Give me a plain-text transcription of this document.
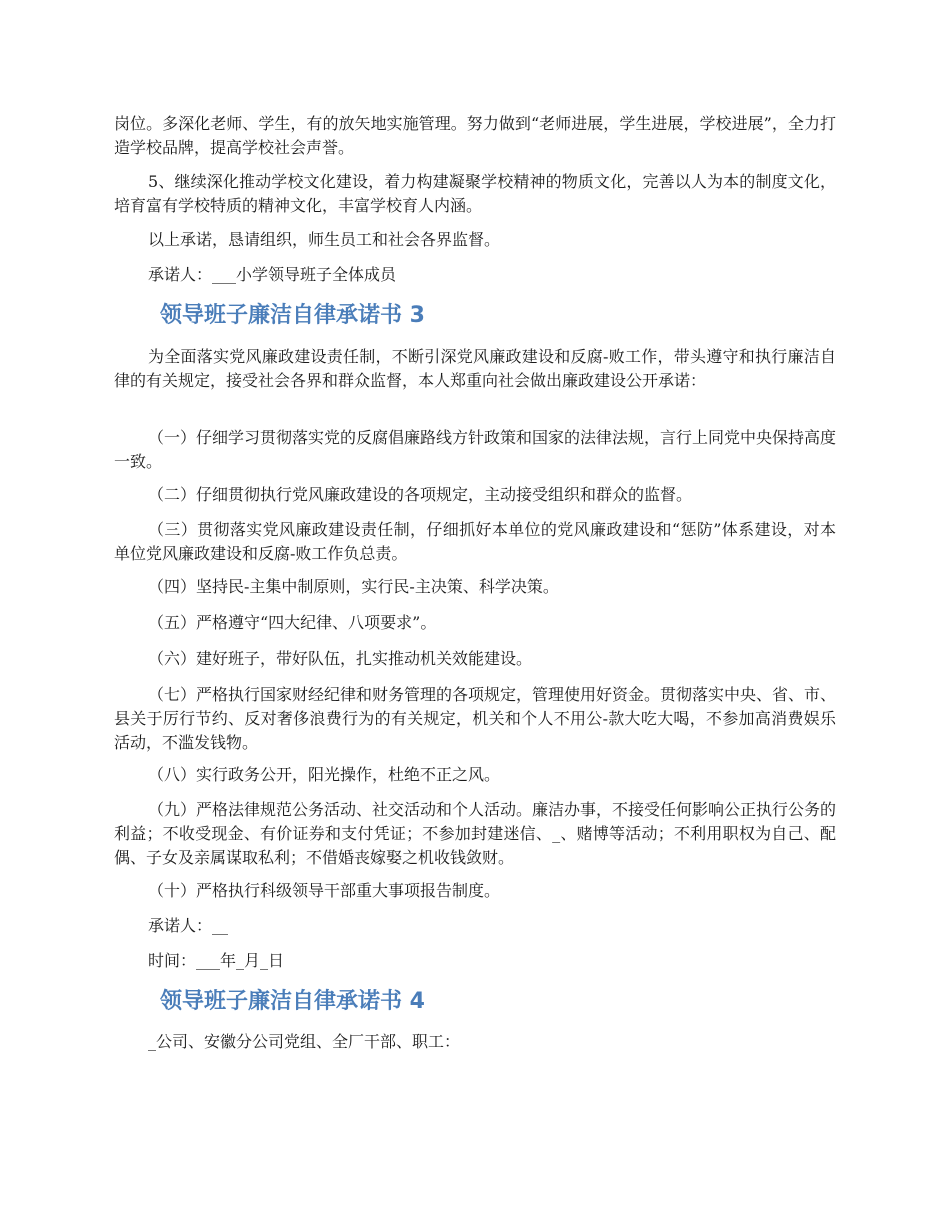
岗位。多深化老师、学生，有的放矢地实施管理。努力做到“老师进展，学生进展，学校进展”，全力打造学校品牌，提高学校社会声誉。

5、继续深化推动学校文化建设，着力构建凝聚学校精神的物质文化，完善以人为本的制度文化，培育富有学校特质的精神文化，丰富学校育人内涵。

以上承诺，恳请组织，师生员工和社会各界监督。

承诺人：___小学领导班子全体成员

领导班子廉洁自律承诺书 3

为全面落实党风廉政建设责任制，不断引深党风廉政建设和反腐-败工作，带头遵守和执行廉洁自律的有关规定，接受社会各界和群众监督，本人郑重向社会做出廉政建设公开承诺：

（一）仔细学习贯彻落实党的反腐倡廉路线方针政策和国家的法律法规，言行上同党中央保持高度一致。

（二）仔细贯彻执行党风廉政建设的各项规定，主动接受组织和群众的监督。

（三）贯彻落实党风廉政建设责任制，仔细抓好本单位的党风廉政建设和“惩防”体系建设，对本单位党风廉政建设和反腐-败工作负总责。

（四）坚持民-主集中制原则，实行民-主决策、科学决策。

（五）严格遵守“四大纪律、八项要求”。

（六）建好班子，带好队伍，扎实推动机关效能建设。

（七）严格执行国家财经纪律和财务管理的各项规定，管理使用好资金。贯彻落实中央、省、市、县关于厉行节约、反对奢侈浪费行为的有关规定，机关和个人不用公-款大吃大喝，不参加高消费娱乐活动，不滥发钱物。

（八）实行政务公开，阳光操作，杜绝不正之风。

（九）严格法律规范公务活动、社交活动和个人活动。廉洁办事，不接受任何影响公正执行公务的利益；不收受现金、有价证券和支付凭证；不参加封建迷信、_、赌博等活动；不利用职权为自己、配偶、子女及亲属谋取私利；不借婚丧嫁娶之机收钱敛财。

（十）严格执行科级领导干部重大事项报告制度。

承诺人：__

时间：___年_月_日

领导班子廉洁自律承诺书 4

_公司、安徽分公司党组、全厂干部、职工：
